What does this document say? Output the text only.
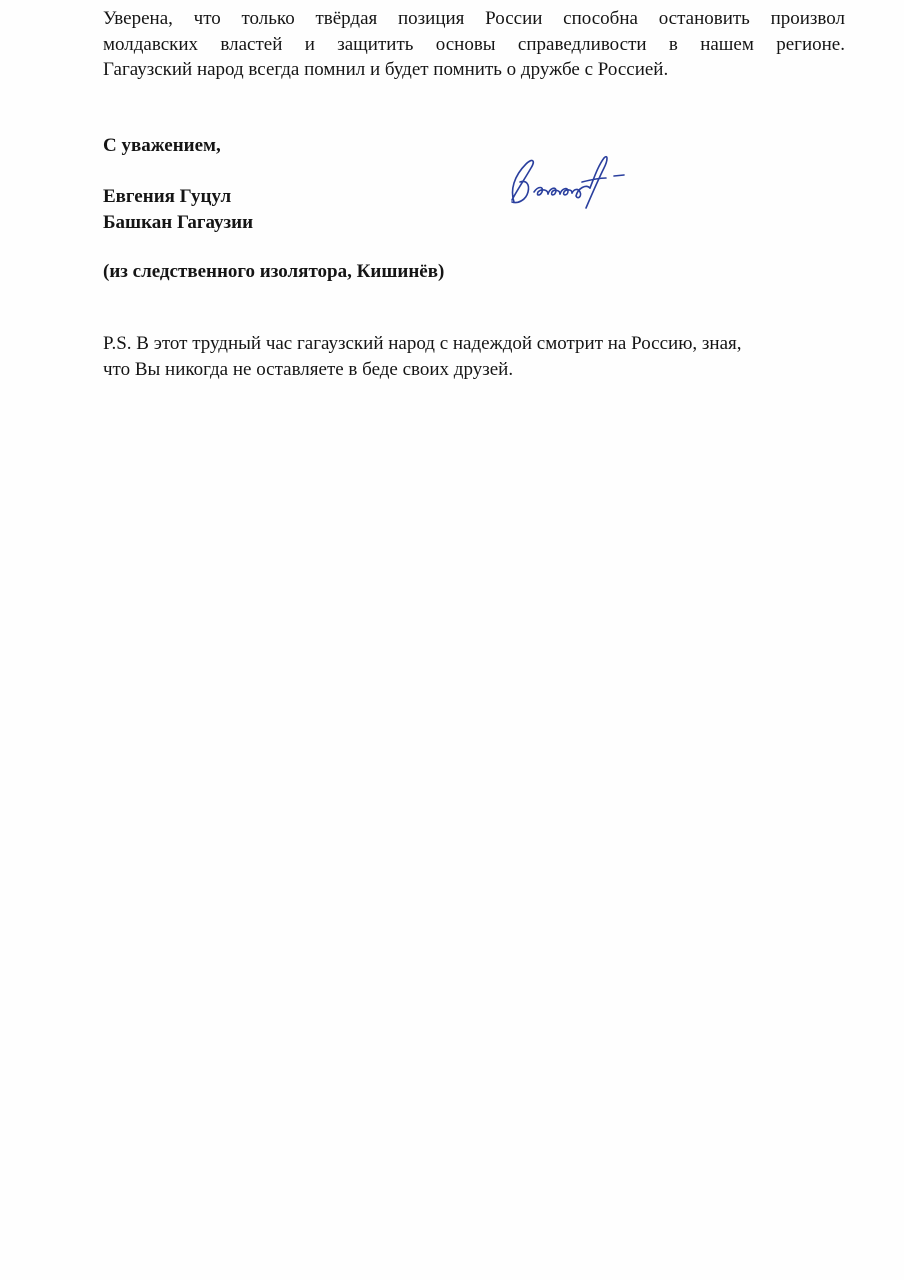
Уверена, что только твёрдая позиция России способна остановить произвол
молдавских властей и защитить основы справедливости в нашем регионе.
Гагаузский народ всегда помнил и будет помнить о дружбе с Россией.

С уважением,

Евгения Гуцул
Башкан Гагаузии

(из следственного изолятора, Кишинёв)

P.S. В этот трудный час гагаузский народ с надеждой смотрит на Россию, зная,
что Вы никогда не оставляете в беде своих друзей.
